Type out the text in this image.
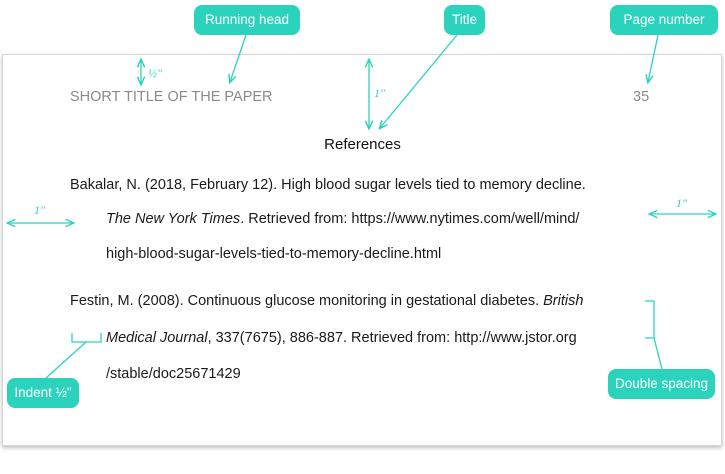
Running head	Title	Page number
Indent ½"
Double spacing
½"
1"
1"	1"
SHORT TITLE OF THE PAPER	35
References
Bakalar, N. (2018, February 12). High blood sugar levels tied to memory decline.
The New York Times. Retrieved from: https://www.nytimes.com/well/mind/
high-blood-sugar-levels-tied-to-memory-decline.html
Festin, M. (2008). Continuous glucose monitoring in gestational diabetes. British
Medical Journal, 337(7675), 886-887. Retrieved from: http://www.jstor.org
/stable/doc25671429
